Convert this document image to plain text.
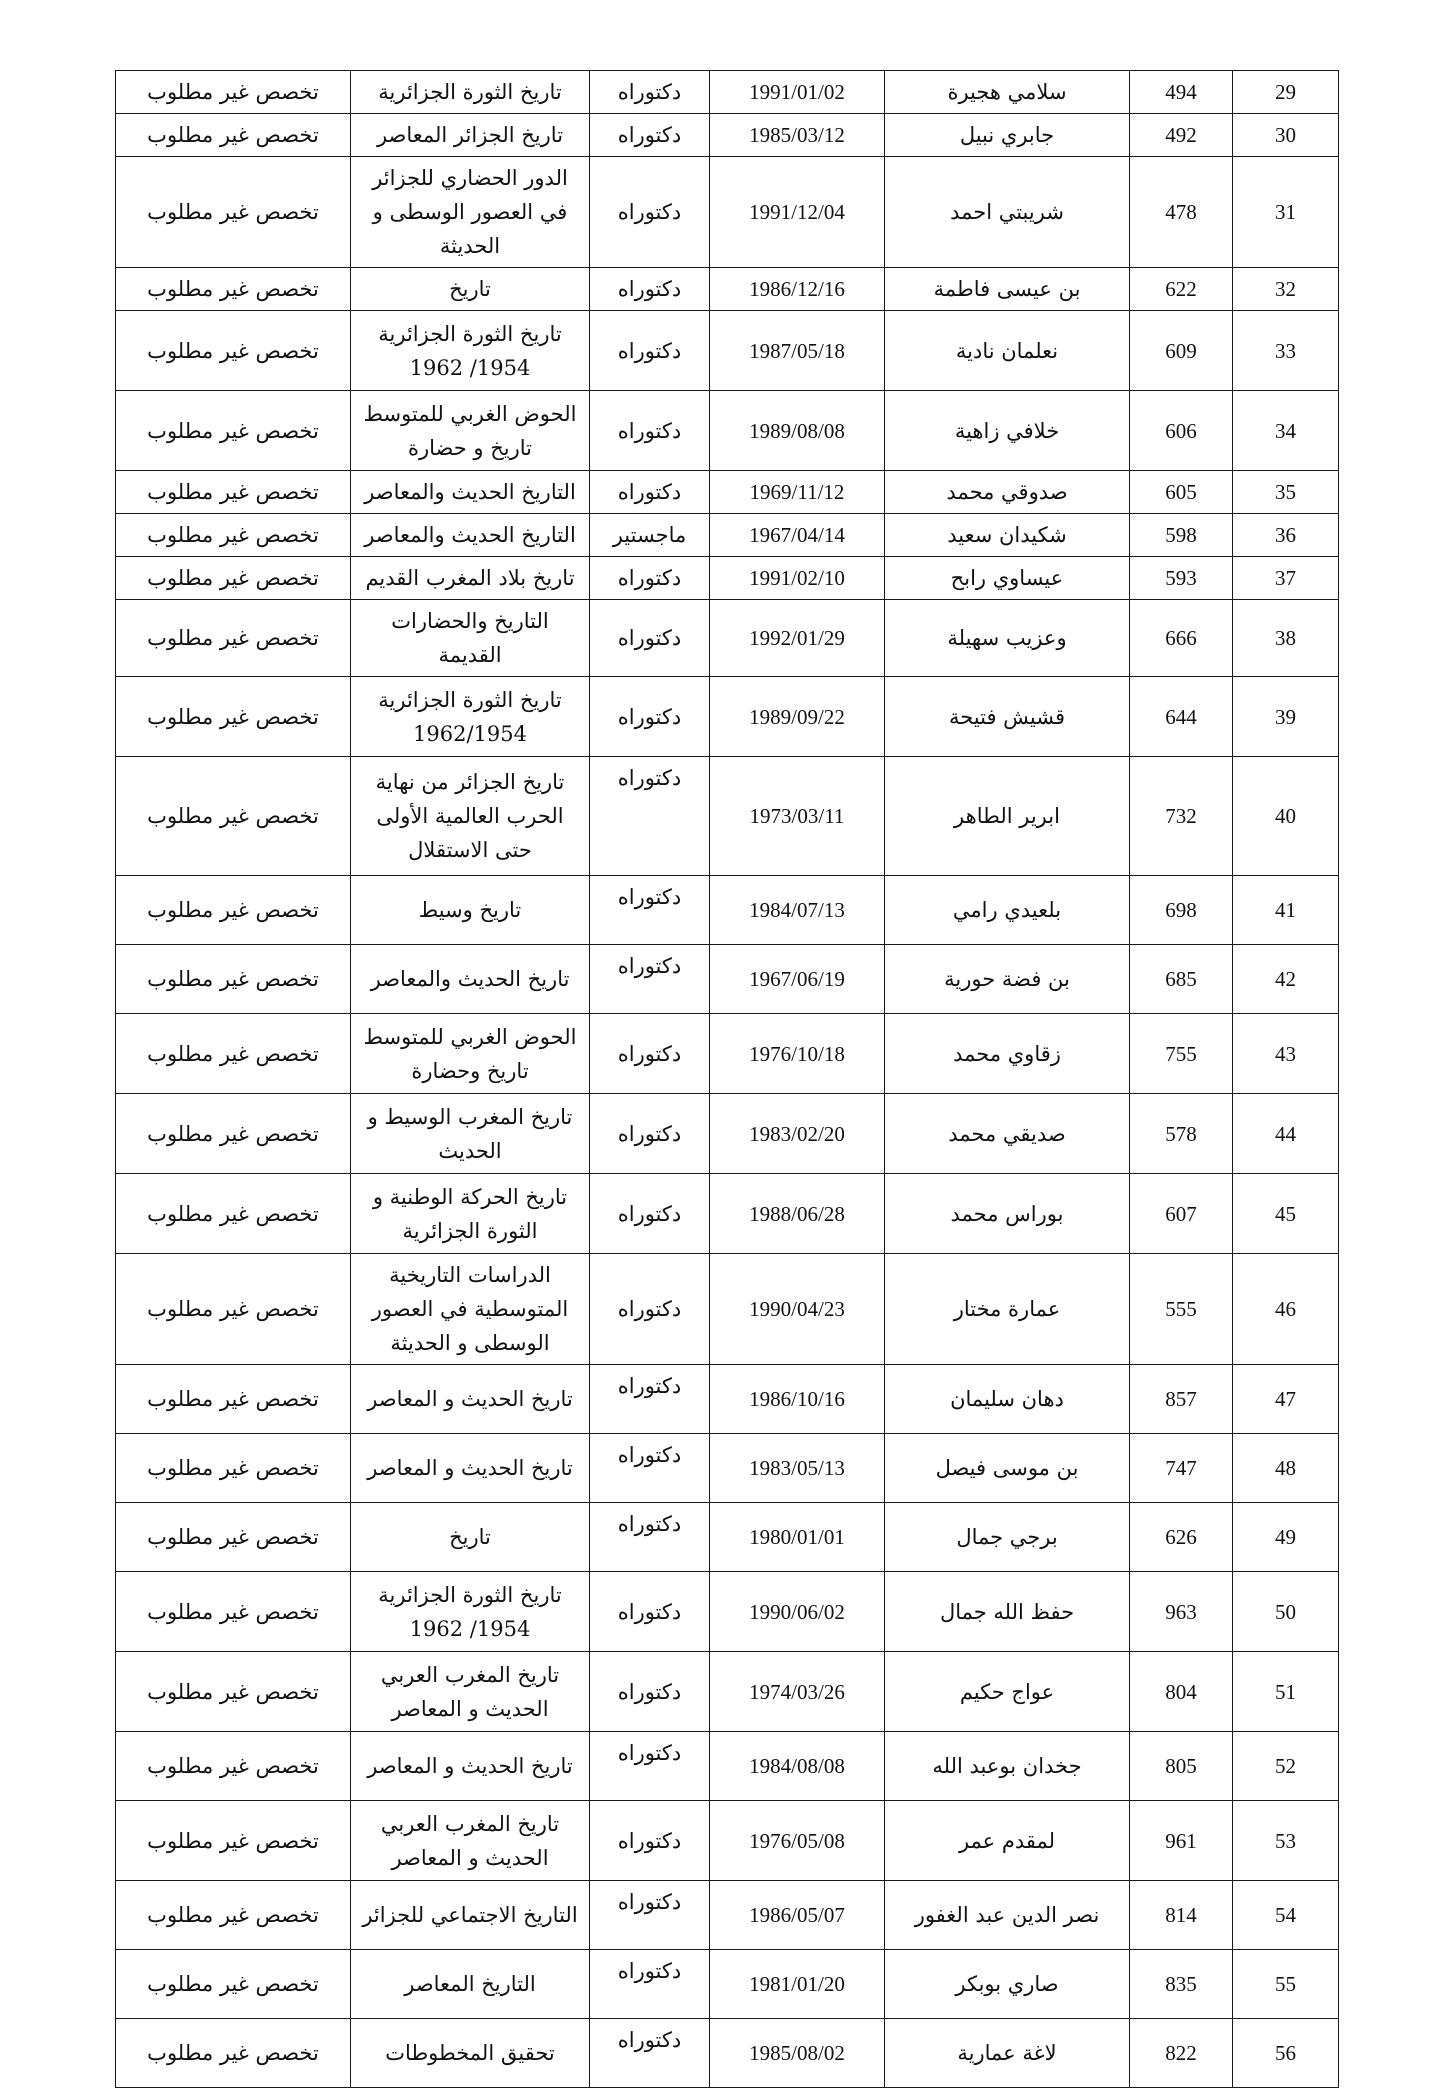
29	494	سلامي هجيرة	1991/01/02	دكتوراه	تاريخ الثورة الجزائرية	تخصص غير مطلوب
30	492	جابري نبيل	1985/03/12	دكتوراه	تاريخ الجزائر المعاصر	تخصص غير مطلوب
31	478	شريبتي احمد	1991/12/04	دكتوراه	الدور الحضاري للجزائر في العصور الوسطى و الحديثة	تخصص غير مطلوب
32	622	بن عيسى فاطمة	1986/12/16	دكتوراه	تاريخ	تخصص غير مطلوب
33	609	نعلمان نادية	1987/05/18	دكتوراه	تاريخ الثورة الجزائرية 1954/ 1962	تخصص غير مطلوب
34	606	خلافي زاهية	1989/08/08	دكتوراه	الحوض الغربي للمتوسط تاريخ و حضارة	تخصص غير مطلوب
35	605	صدوقي محمد	1969/11/12	دكتوراه	التاريخ الحديث والمعاصر	تخصص غير مطلوب
36	598	شكيدان سعيد	1967/04/14	ماجستير	التاريخ الحديث والمعاصر	تخصص غير مطلوب
37	593	عيساوي رابح	1991/02/10	دكتوراه	تاريخ بلاد المغرب القديم	تخصص غير مطلوب
38	666	وعزيب سهيلة	1992/01/29	دكتوراه	التاريخ والحضارات القديمة	تخصص غير مطلوب
39	644	قشيش فتيحة	1989/09/22	دكتوراه	تاريخ الثورة الجزائرية 1962/1954	تخصص غير مطلوب
40	732	ابرير الطاهر	1973/03/11	دكتوراه	تاريخ الجزائر من نهاية الحرب العالمية الأولى حتى الاستقلال	تخصص غير مطلوب
41	698	بلعيدي رامي	1984/07/13	دكتوراه	تاريخ وسيط	تخصص غير مطلوب
42	685	بن فضة حورية	1967/06/19	دكتوراه	تاريخ الحديث والمعاصر	تخصص غير مطلوب
43	755	زقاوي محمد	1976/10/18	دكتوراه	الحوض الغربي للمتوسط تاريخ وحضارة	تخصص غير مطلوب
44	578	صديقي محمد	1983/02/20	دكتوراه	تاريخ المغرب الوسيط و الحديث	تخصص غير مطلوب
45	607	بوراس محمد	1988/06/28	دكتوراه	تاريخ الحركة الوطنية و الثورة الجزائرية	تخصص غير مطلوب
46	555	عمارة مختار	1990/04/23	دكتوراه	الدراسات التاريخية المتوسطية في العصور الوسطى و الحديثة	تخصص غير مطلوب
47	857	دهان سليمان	1986/10/16	دكتوراه	تاريخ الحديث و المعاصر	تخصص غير مطلوب
48	747	بن موسى فيصل	1983/05/13	دكتوراه	تاريخ الحديث و المعاصر	تخصص غير مطلوب
49	626	برجي جمال	1980/01/01	دكتوراه	تاريخ	تخصص غير مطلوب
50	963	حفظ الله جمال	1990/06/02	دكتوراه	تاريخ الثورة الجزائرية 1954/ 1962	تخصص غير مطلوب
51	804	عواج حكيم	1974/03/26	دكتوراه	تاريخ المغرب العربي الحديث و المعاصر	تخصص غير مطلوب
52	805	جخدان بوعبد الله	1984/08/08	دكتوراه	تاريخ الحديث و المعاصر	تخصص غير مطلوب
53	961	لمقدم عمر	1976/05/08	دكتوراه	تاريخ المغرب العربي الحديث و المعاصر	تخصص غير مطلوب
54	814	نصر الدين عبد الغفور	1986/05/07	دكتوراه	التاريخ الاجتماعي للجزائر	تخصص غير مطلوب
55	835	صاري بوبكر	1981/01/20	دكتوراه	التاريخ المعاصر	تخصص غير مطلوب
56	822	لاغة عمارية	1985/08/02	دكتوراه	تحقيق المخطوطات	تخصص غير مطلوب
